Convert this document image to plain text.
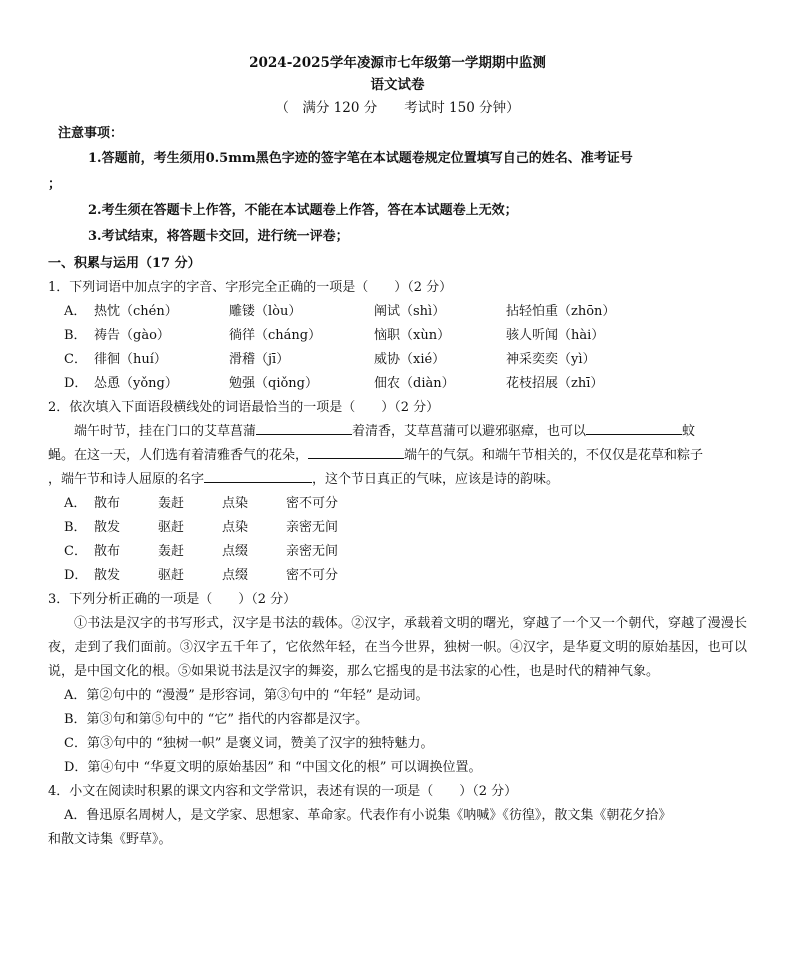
2024-2025学年凌源市七年级第一学期期中监测
语文试卷
（　满分 120 分　　考试时 150 分钟）
注意事项：
1.答题前，考生须用0.5mm黑色字迹的签字笔在本试题卷规定位置填写自己的姓名、准考证号
；
2.考生须在答题卡上作答，不能在本试题卷上作答，答在本试题卷上无效；
3.考试结束，将答题卡交回，进行统一评卷；
一、积累与运用（17 分）
1．下列词语中加点字的字音、字形完全正确的一项是（　　）（2 分）
A． 热忱（chén）	雕镂（lòu）	阐试（shì）	拈轻怕重（zhōn）
B． 祷告（gào）	徜徉（cháng）	恼职（xùn）	骇人听闻（hài）
C． 徘徊（huí）	滑稽（jī）	威协（xié）	神采奕奕（yì）
D． 怂恿（yǒng）	勉强（qiǒng）	佃农（diàn）	花枝招展（zhī）
2．依次填入下面语段横线处的词语最恰当的一项是（　　）（2 分）
端午时节，挂在门口的艾草菖蒲	着清香，艾草菖蒲可以避邪驱瘴，也可以	蚊
蝇。在这一天，人们选有着清雅香气的花朵，	端午的气氛。和端午节相关的，不仅仅是花草和粽子
，端午节和诗人屈原的名字	，这个节日真正的气味，应该是诗的韵味。
A． 散布	轰赶	点染	密不可分
B． 散发	驱赶	点染	亲密无间
C． 散布	轰赶	点缀	亲密无间
D． 散发	驱赶	点缀	密不可分
3．下列分析正确的一项是（　　）（2 分）
①书法是汉字的书写形式，汉字是书法的载体。②汉字，承载着文明的曙光，穿越了一个又一个朝代，穿越了漫漫长夜，走到了我们面前。③汉字五千年了，它依然年轻，在当今世界，独树一帜。④汉字，是华夏文明的原始基因，也可以说，是中国文化的根。⑤如果说书法是汉字的舞姿，那么它摇曳的是书法家的心性，也是时代的精神气象。
A．第②句中的 “漫漫” 是形容词，第③句中的 “年轻” 是动词。
B．第③句和第⑤句中的 “它” 指代的内容都是汉字。
C．第③句中的 “独树一帜” 是褒义词，赞美了汉字的独特魅力。
D．第④句中 “华夏文明的原始基因” 和 “中国文化的根” 可以调换位置。
4．小文在阅读时积累的课文内容和文学常识，表述有误的一项是（　　）（2 分）
A．鲁迅原名周树人，是文学家、思想家、革命家。代表作有小说集《呐喊》《彷徨》，散文集《朝花夕拾》
和散文诗集《野草》。
